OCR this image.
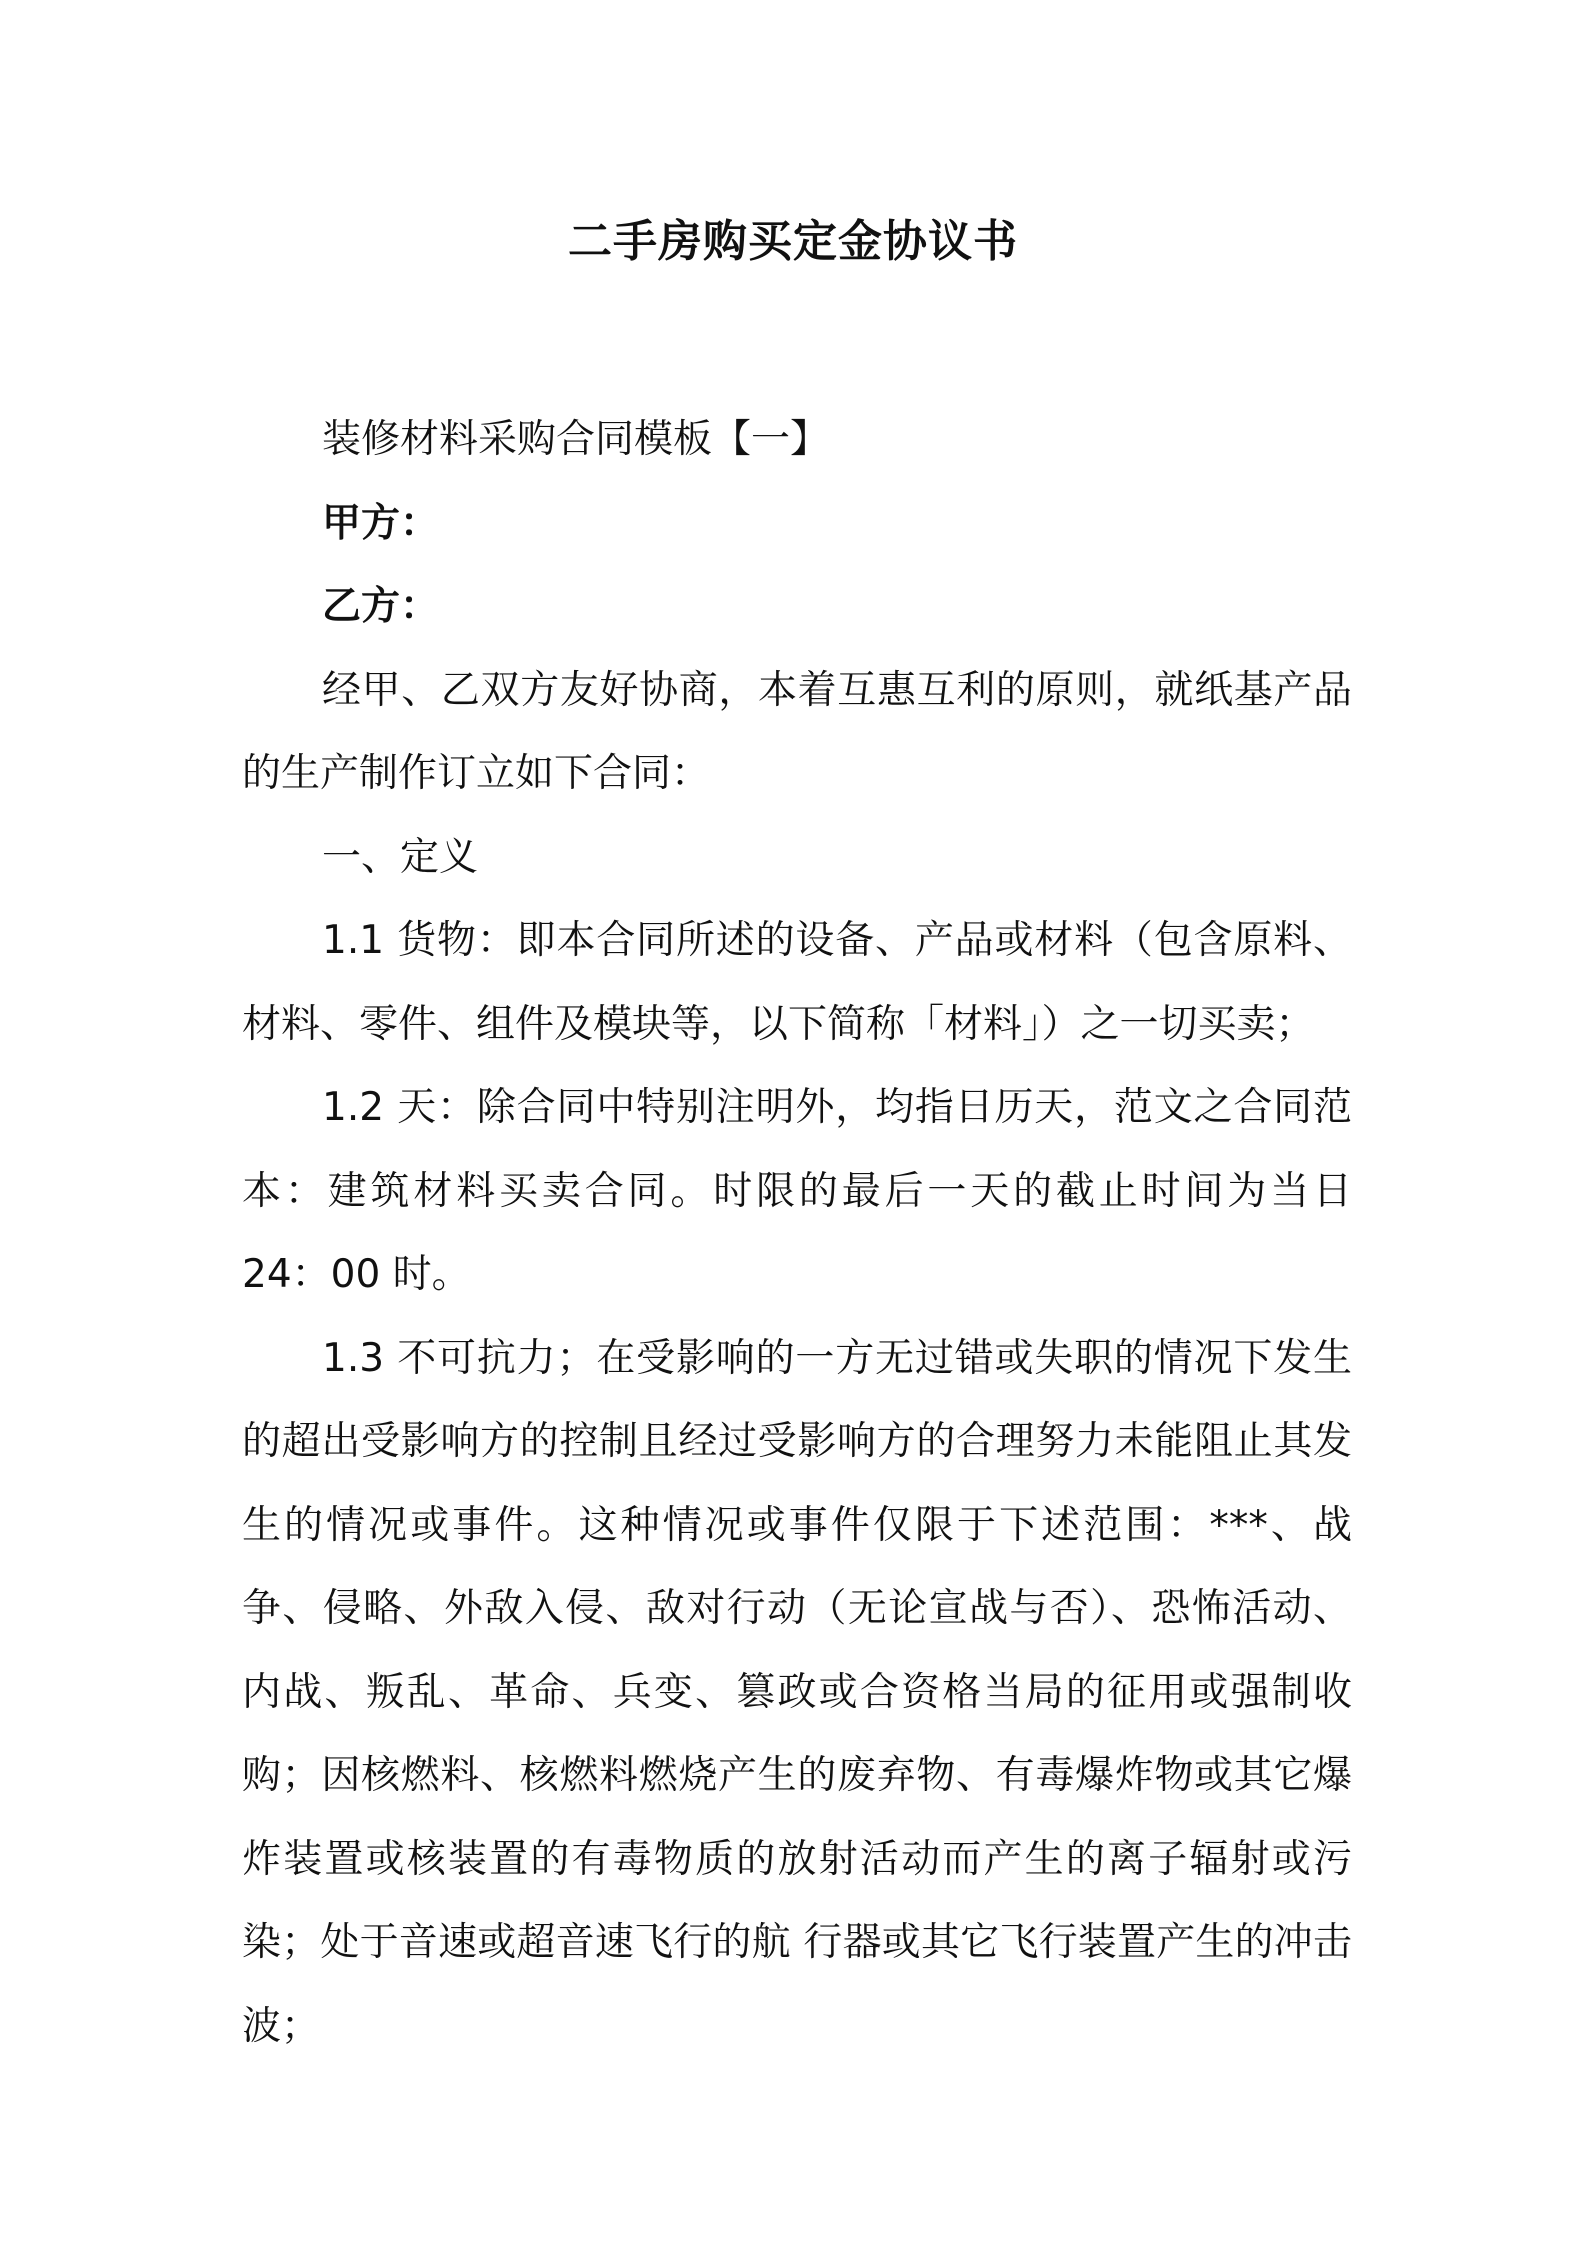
二手房购买定金协议书

装修材料采购合同模板【一】

甲方：

乙方：

经甲、乙双方友好协商，本着互惠互利的原则，就纸基产品的生产制作订立如下合同：

一、定义

1.1 货物：即本合同所述的设备、产品或材料（包含原料、材料、零件、组件及模块等，以下简称「材料」）之一切买卖；

1.2 天：除合同中特别注明外，均指日历天，范文之合同范本：建筑材料买卖合同。时限的最后一天的截止时间为当日 24：00 时。

1.3 不可抗力；在受影响的一方无过错或失职的情况下发生的超出受影响方的控制且经过受影响方的合理努力未能阻止其发生的情况或事件。这种情况或事件仅限于下述范围：***、战争、侵略、外敌入侵、敌对行动（无论宣战与否）、恐怖活动、内战、叛乱、革命、兵变、篡政或合资格当局的征用或强制收购；因核燃料、核燃料燃烧产生的废弃物、有毒爆炸物或其它爆炸装置或核装置的有毒物质的放射活动而产生的离子辐射或污染；处于音速或超音速飞行的航 行器或其它飞行装置产生的冲击波；
